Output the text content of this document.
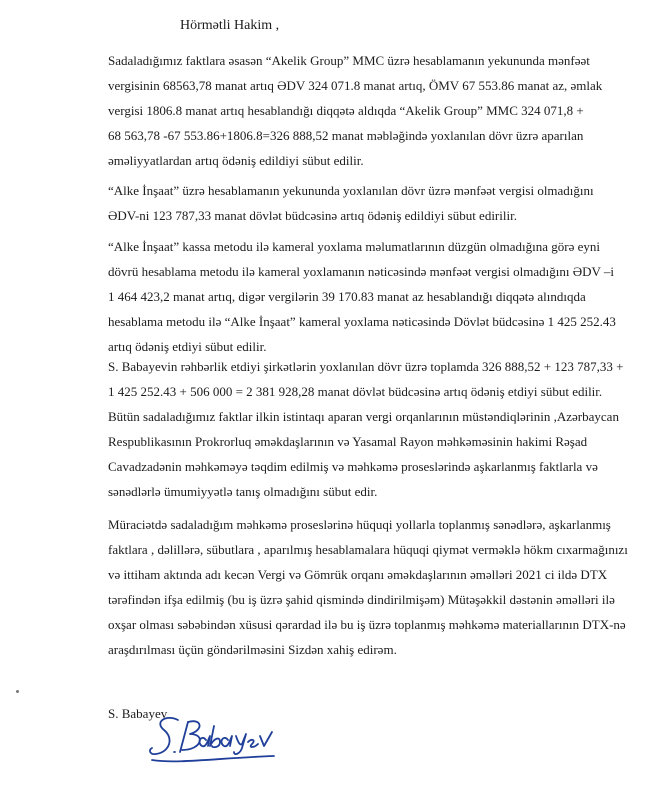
Hörmətli Hakim ,
Sadaladığımız faktlara əsasən “Akelik Group” MMC üzrə hesablamanın yekununda mənfəət
vergisinin 68563,78 manat artıq ƏDV 324 071.8 manat artıq, ÖMV 67 553.86 manat az, əmlak
vergisi 1806.8 manat artıq hesablandığı diqqətə aldıqda “Akelik Group” MMC 324 071,8 +
68 563,78 -67 553.86+1806.8=326 888,52 manat məbləğində yoxlanılan dövr üzrə aparılan
əməliyyatlardan artıq ödəniş edildiyi sübut edilir.
“Alke İnşaat” üzrə hesablamanın yekununda yoxlanılan dövr üzrə mənfəət vergisi olmadığını
ƏDV-ni 123 787,33 manat dövlət büdcəsinə artıq ödəniş edildiyi sübut edirilir.
“Alke İnşaat” kassa metodu ilə kameral yoxlama məlumatlarının düzgün olmadığına görə eyni
dövrü hesablama metodu ilə kameral yoxlamanın nəticəsində mənfəət vergisi olmadığını ƏDV –i
1 464 423,2 manat artıq, digər vergilərin 39 170.83 manat az hesablandığı diqqətə alındıqda
hesablama metodu ilə “Alke İnşaat” kameral yoxlama nəticəsində Dövlət büdcəsinə 1 425 252.43
artıq ödəniş etdiyi sübut edilir.
S. Babayevin rəhbərlik etdiyi şirkətlərin yoxlanılan dövr üzrə toplamda 326 888,52 + 123 787,33 +
1 425 252.43 + 506 000 = 2 381 928,28 manat dövlət büdcəsinə artıq ödəniş etdiyi sübut edilir.
Bütün sadaladığımız faktlar ilkin istintaqı aparan vergi orqanlarının müstəndiqlərinin ,Azərbaycan
Respublikasının Prokrorluq əməkdaşlarının və Yasamal Rayon məhkəməsinin hakimi Rəşad
Cavadzadənin məhkəməyə təqdim edilmiş və məhkəmə proseslərində aşkarlanmış faktlarla və
sənədlərlə ümumiyyətlə tanış olmadığını sübut edir.
Müraciətdə sadaladığım məhkəmə proseslərinə hüquqi yollarla toplanmış sənədlərə, aşkarlanmış
faktlara , dəlillərə, sübutlara , aparılmış hesablamalara hüquqi qiymət verməklə hökm cıxarmağınızı
və ittiham aktında adı kecən Vergi və Gömrük orqanı əməkdaşlarının əməlləri 2021 ci ildə DTX
tərəfindən ifşa edilmiş (bu iş üzrə şahid qismində dindirilmişəm) Mütəşəkkil dəstənin əməlləri ilə
oxşar olması səbəbindən xüsusi qərardad ilə bu iş üzrə toplanmış məhkəmə materiallarının DTX-nə
araşdırılması üçün göndərilməsini Sizdən xahiş edirəm.
S. Babayev
